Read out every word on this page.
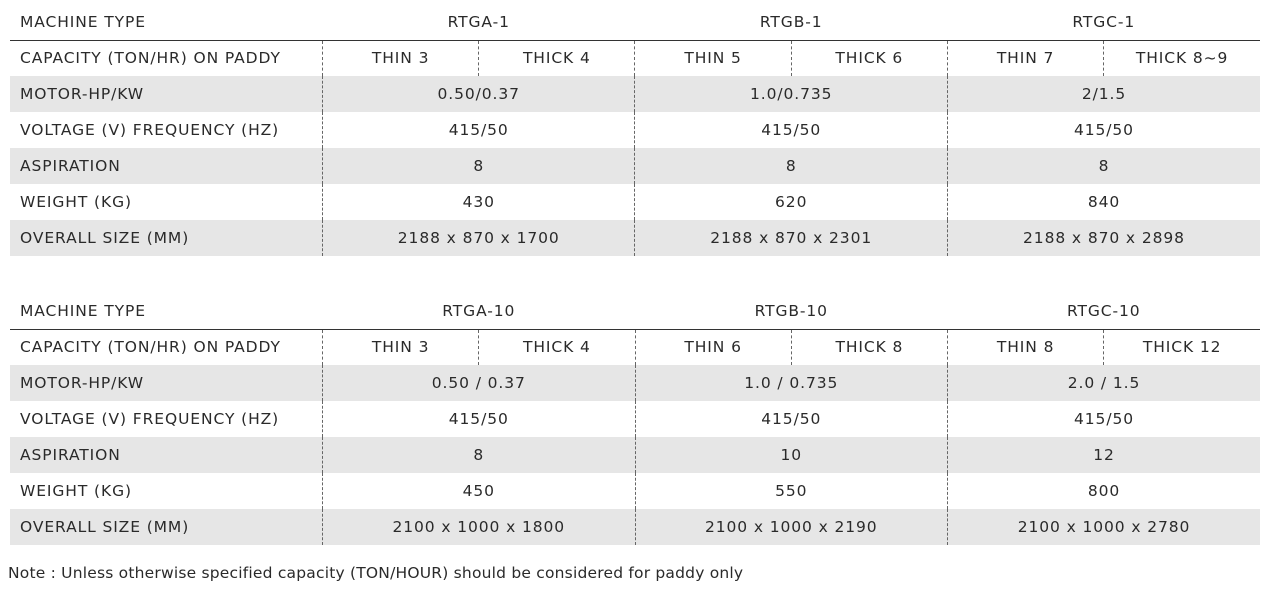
MACHINE TYPE	RTGA-1		RTGB-1		RTGC-1	
CAPACITY (TON/HR) ON PADDY	THIN 3	THICK 4	THIN 5	THICK 6	THIN 7	THICK 8~9
MOTOR-HP/KW	0.50/0.37		1.0/0.735		2/1.5	
VOLTAGE (V) FREQUENCY (HZ)	415/50		415/50		415/50	
ASPIRATION	8		8		8	
WEIGHT (KG)	430		620		840	
OVERALL SIZE (MM)	2188 x 870 x 1700		2188 x 870 x 2301		2188 x 870 x 2898	
MACHINE TYPE	RTGA-10		RTGB-10		RTGC-10	
CAPACITY (TON/HR) ON PADDY	THIN 3	THICK 4	THIN 6	THICK 8	THIN 8	THICK 12
MOTOR-HP/KW	0.50 / 0.37		1.0 / 0.735		2.0 / 1.5	
VOLTAGE (V) FREQUENCY (HZ)	415/50		415/50		415/50	
ASPIRATION	8		10		12	
WEIGHT (KG)	450		550		800	
OVERALL SIZE (MM)	2100 x 1000 x 1800		2100 x 1000 x 2190		2100 x 1000 x 2780	
Note : Unless otherwise specified capacity (TON/HOUR) should be considered for paddy only
